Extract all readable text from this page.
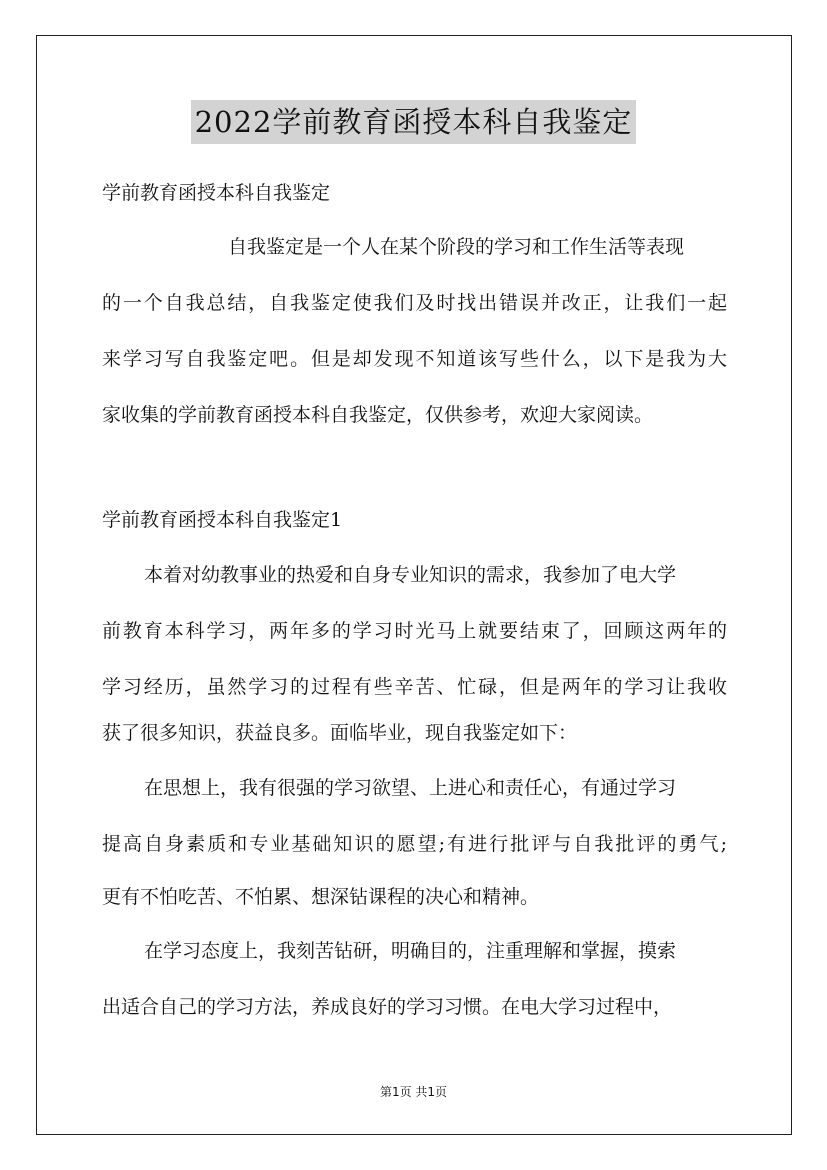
2022学前教育函授本科自我鉴定
学前教育函授本科自我鉴定
自我鉴定是一个人在某个阶段的学习和工作生活等表现
的一个自我总结，自我鉴定使我们及时找出错误并改正，让我们一起
来学习写自我鉴定吧。但是却发现不知道该写些什么，以下是我为大
家收集的学前教育函授本科自我鉴定，仅供参考，欢迎大家阅读。
学前教育函授本科自我鉴定1
本着对幼教事业的热爱和自身专业知识的需求，我参加了电大学
前教育本科学习，两年多的学习时光马上就要结束了，回顾这两年的
学习经历，虽然学习的过程有些辛苦、忙碌，但是两年的学习让我收
获了很多知识，获益良多。面临毕业，现自我鉴定如下：
在思想上，我有很强的学习欲望、上进心和责任心，有通过学习
提高自身素质和专业基础知识的愿望;有进行批评与自我批评的勇气;
更有不怕吃苦、不怕累、想深钻课程的决心和精神。
在学习态度上，我刻苦钻研，明确目的，注重理解和掌握，摸索
出适合自己的学习方法，养成良好的学习习惯。在电大学习过程中，
第1页 共1页
